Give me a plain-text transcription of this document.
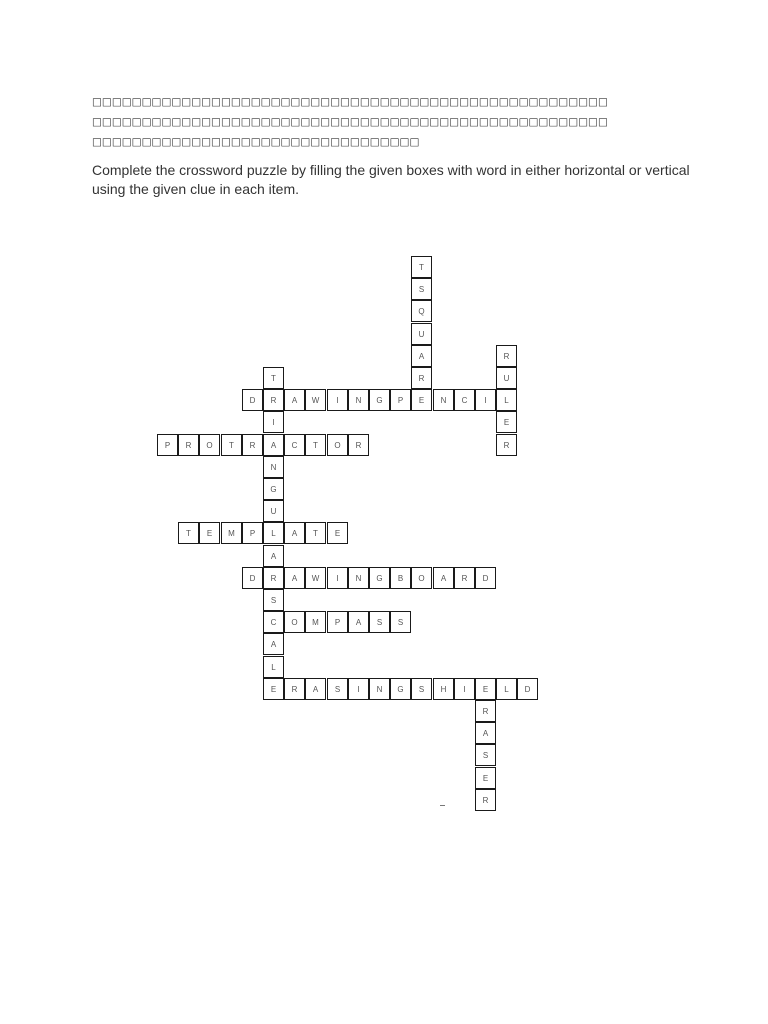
□□□□□□□□□□□□□□□□□□□□□□□□□□□□□□□□□□□□□□□□□□□□□□□□□□□□

□□□□□□□□□□□□□□□□□□□□□□□□□□□□□□□□□□□□□□□□□□□□□□□□□□□□

□□□□□□□□□□□□□□□□□□□□□□□□□□□□□□□□□

Complete the crossword puzzle by filling the given boxes with word in either horizontal or vertical using the given clue in each item.

T
S
Q
U
A
R
E
R
U
L
E
R
T
R
I
A
N
G
U
L
A
R
S
C
A
L
E
D	A	W	I	N	G	P	N	C	I
P	R	O	T	R	C	T	O	R
T	E	M	P	A	T	E
D	A	W	I	N	G	B	O	A	R	D
O	M	P	A	S	S
R	A	S	I	N	G	S	H	I	E	L	D
R
A
S
E
R
